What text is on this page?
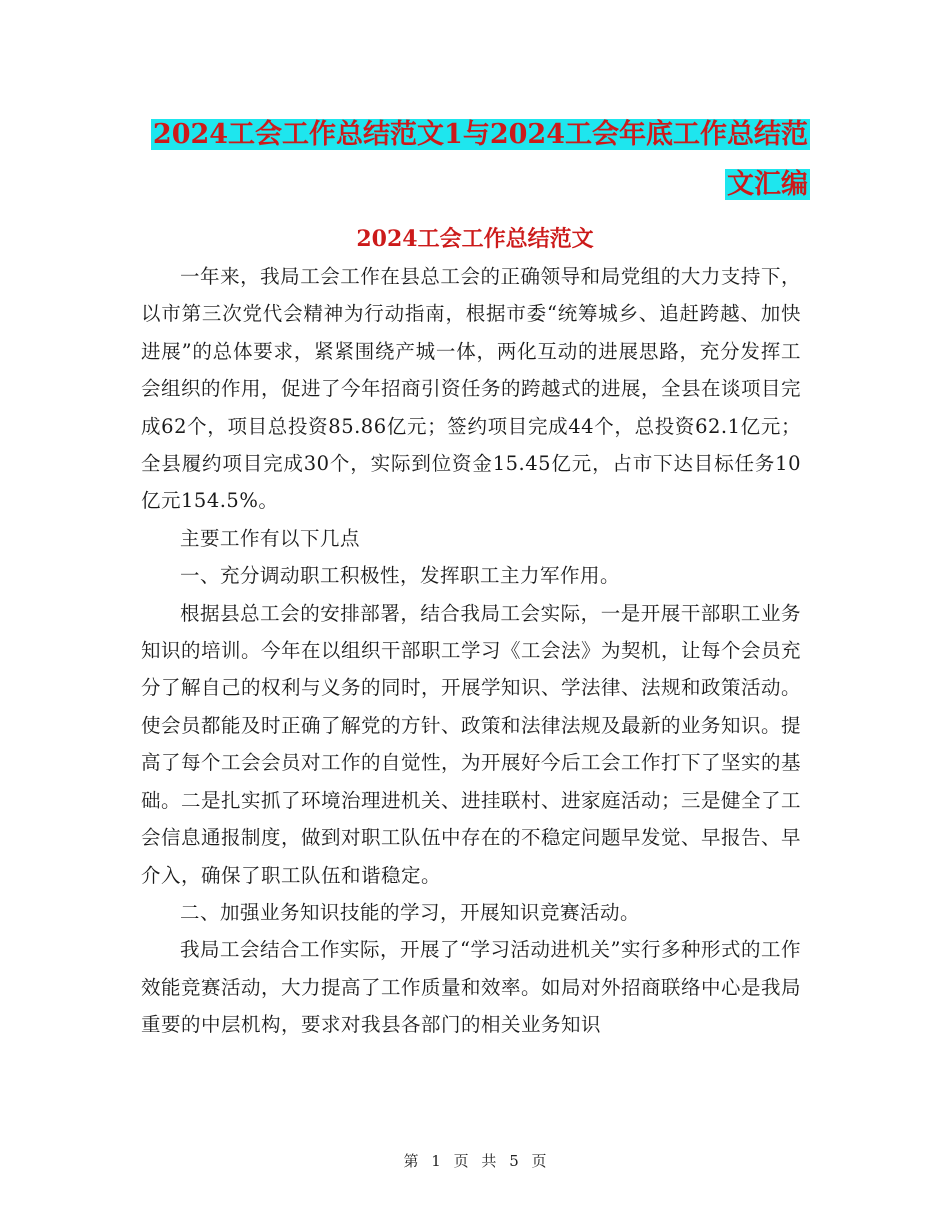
2024工会工作总结范文1与2024工会年底工作总结范
文汇编
2024工会工作总结范文

一年来，我局工会工作在县总工会的正确领导和局党组的大力支持下，以市第三次党代会精神为行动指南，根据市委“统筹城乡、追赶跨越、加快进展”的总体要求，紧紧围绕产城一体，两化互动的进展思路，充分发挥工会组织的作用，促进了今年招商引资任务的跨越式的进展，全县在谈项目完成62个，项目总投资85.86亿元；签约项目完成44个，总投资62.1亿元；全县履约项目完成30个，实际到位资金15.45亿元，占市下达目标任务10亿元154.5%。

主要工作有以下几点

一、充分调动职工积极性，发挥职工主力军作用。

根据县总工会的安排部署，结合我局工会实际，一是开展干部职工业务知识的培训。今年在以组织干部职工学习《工会法》为契机，让每个会员充分了解自己的权利与义务的同时，开展学知识、学法律、法规和政策活动。使会员都能及时正确了解党的方针、政策和法律法规及最新的业务知识。提高了每个工会会员对工作的自觉性，为开展好今后工会工作打下了坚实的基础。二是扎实抓了环境治理进机关、进挂联村、进家庭活动；三是健全了工会信息通报制度，做到对职工队伍中存在的不稳定问题早发觉、早报告、早介入，确保了职工队伍和谐稳定。

二、加强业务知识技能的学习，开展知识竞赛活动。

我局工会结合工作实际，开展了“学习活动进机关”实行多种形式的工作效能竞赛活动，大力提高了工作质量和效率。如局对外招商联络中心是我局重要的中层机构，要求对我县各部门的相关业务知识

第 1 页 共 5 页
